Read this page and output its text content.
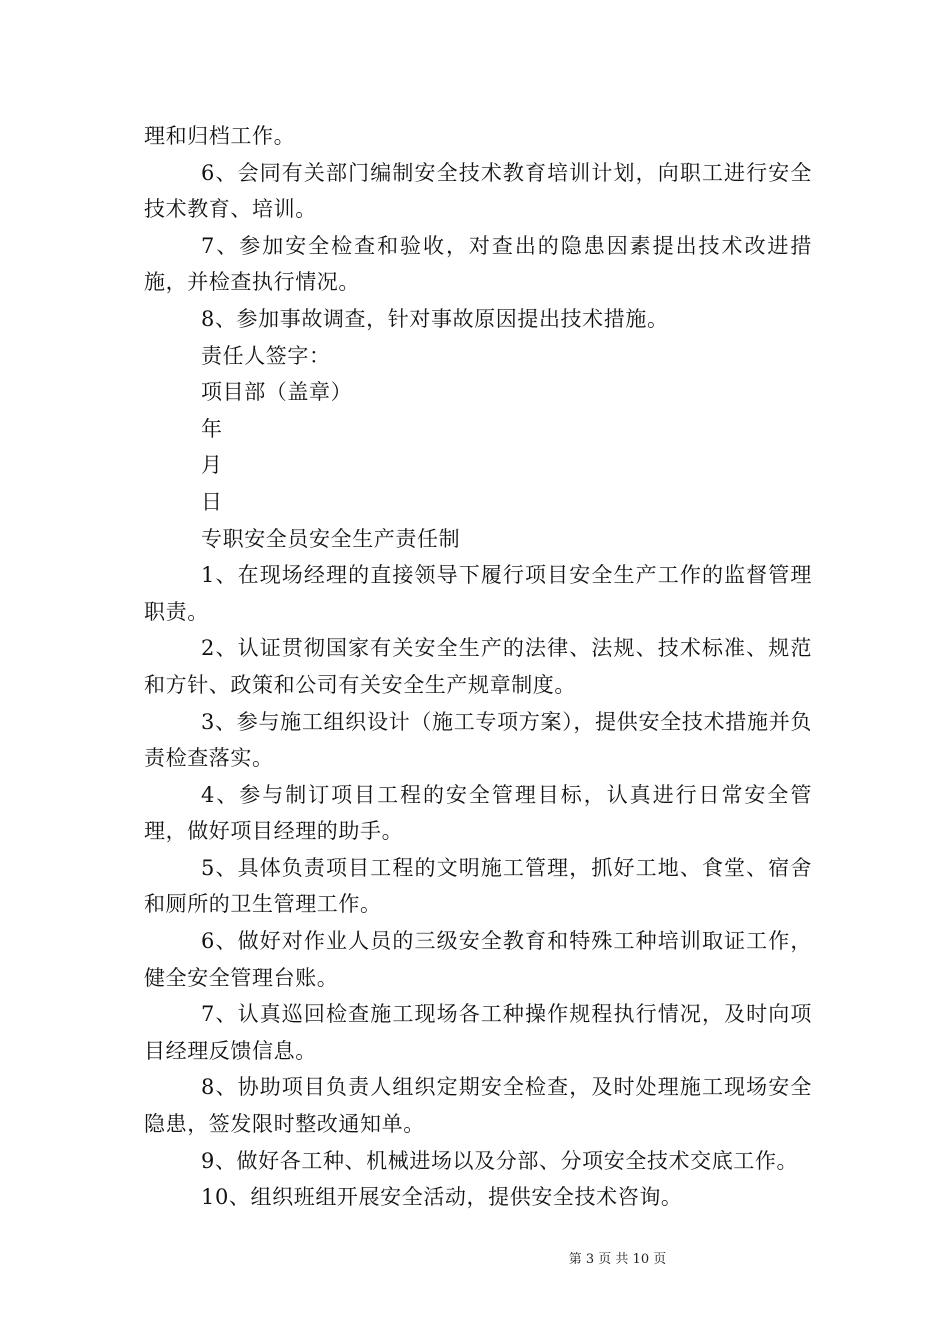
理和归档工作。

6、会同有关部门编制安全技术教育培训计划，向职工进行安全技术教育、培训。

7、参加安全检查和验收，对查出的隐患因素提出技术改进措施，并检查执行情况。

8、参加事故调查，针对事故原因提出技术措施。

责任人签字：

项目部（盖章）

年

月

日

专职安全员安全生产责任制

1、在现场经理的直接领导下履行项目安全生产工作的监督管理职责。

2、认证贯彻国家有关安全生产的法律、法规、技术标准、规范和方针、政策和公司有关安全生产规章制度。

3、参与施工组织设计（施工专项方案），提供安全技术措施并负责检查落实。

4、参与制订项目工程的安全管理目标，认真进行日常安全管理，做好项目经理的助手。

5、具体负责项目工程的文明施工管理，抓好工地、食堂、宿舍和厕所的卫生管理工作。

6、做好对作业人员的三级安全教育和特殊工种培训取证工作，健全安全管理台账。

7、认真巡回检查施工现场各工种操作规程执行情况，及时向项目经理反馈信息。

8、协助项目负责人组织定期安全检查，及时处理施工现场安全隐患，签发限时整改通知单。

9、做好各工种、机械进场以及分部、分项安全技术交底工作。

10、组织班组开展安全活动，提供安全技术咨询。

第 3 页 共 10 页
